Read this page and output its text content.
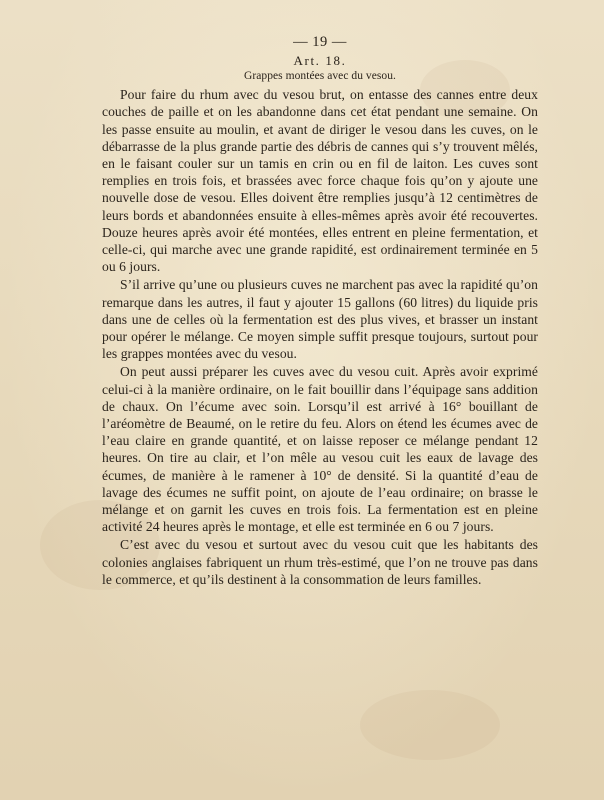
— 19 —
Art. 18.
Grappes montées avec du vesou.

Pour faire du rhum avec du vesou brut, on entasse des cannes entre deux couches de paille et on les abandonne dans cet état pendant une semaine. On les passe ensuite au moulin, et avant de diriger le vesou dans les cuves, on le débarrasse de la plus grande partie des débris de cannes qui s’y trouvent mêlés, en le faisant couler sur un tamis en crin ou en fil de laiton. Les cuves sont remplies en trois fois, et brassées avec force chaque fois qu’on y ajoute une nouvelle dose de vesou. Elles doivent être remplies jusqu’à 12 centimètres de leurs bords et abandonnées ensuite à elles-mêmes après avoir été recouvertes. Douze heures après avoir été montées, elles entrent en pleine fermentation, et celle-ci, qui marche avec une grande rapidité, est ordinairement terminée en 5 ou 6 jours.

S’il arrive qu’une ou plusieurs cuves ne marchent pas avec la rapidité qu’on remarque dans les autres, il faut y ajouter 15 gallons (60 litres) du liquide pris dans une de celles où la fermentation est des plus vives, et brasser un instant pour opérer le mélange. Ce moyen simple suffit presque toujours, surtout pour les grappes montées avec du vesou.

On peut aussi préparer les cuves avec du vesou cuit. Après avoir exprimé celui-ci à la manière ordinaire, on le fait bouillir dans l’équipage sans addition de chaux. On l’écume avec soin. Lorsqu’il est arrivé à 16° bouillant de l’aréomètre de Beaumé, on le retire du feu. Alors on étend les écumes avec de l’eau claire en grande quantité, et on laisse reposer ce mélange pendant 12 heures. On tire au clair, et l’on mêle au vesou cuit les eaux de lavage des écumes, de manière à le ramener à 10° de densité. Si la quantité d’eau de lavage des écumes ne suffit point, on ajoute de l’eau ordinaire; on brasse le mélange et on garnit les cuves en trois fois. La fermentation est en pleine activité 24 heures après le montage, et elle est terminée en 6 ou 7 jours.

C’est avec du vesou et surtout avec du vesou cuit que les habitants des colonies anglaises fabriquent un rhum très-estimé, que l’on ne trouve pas dans le commerce, et qu’ils destinent à la consommation de leurs familles.
